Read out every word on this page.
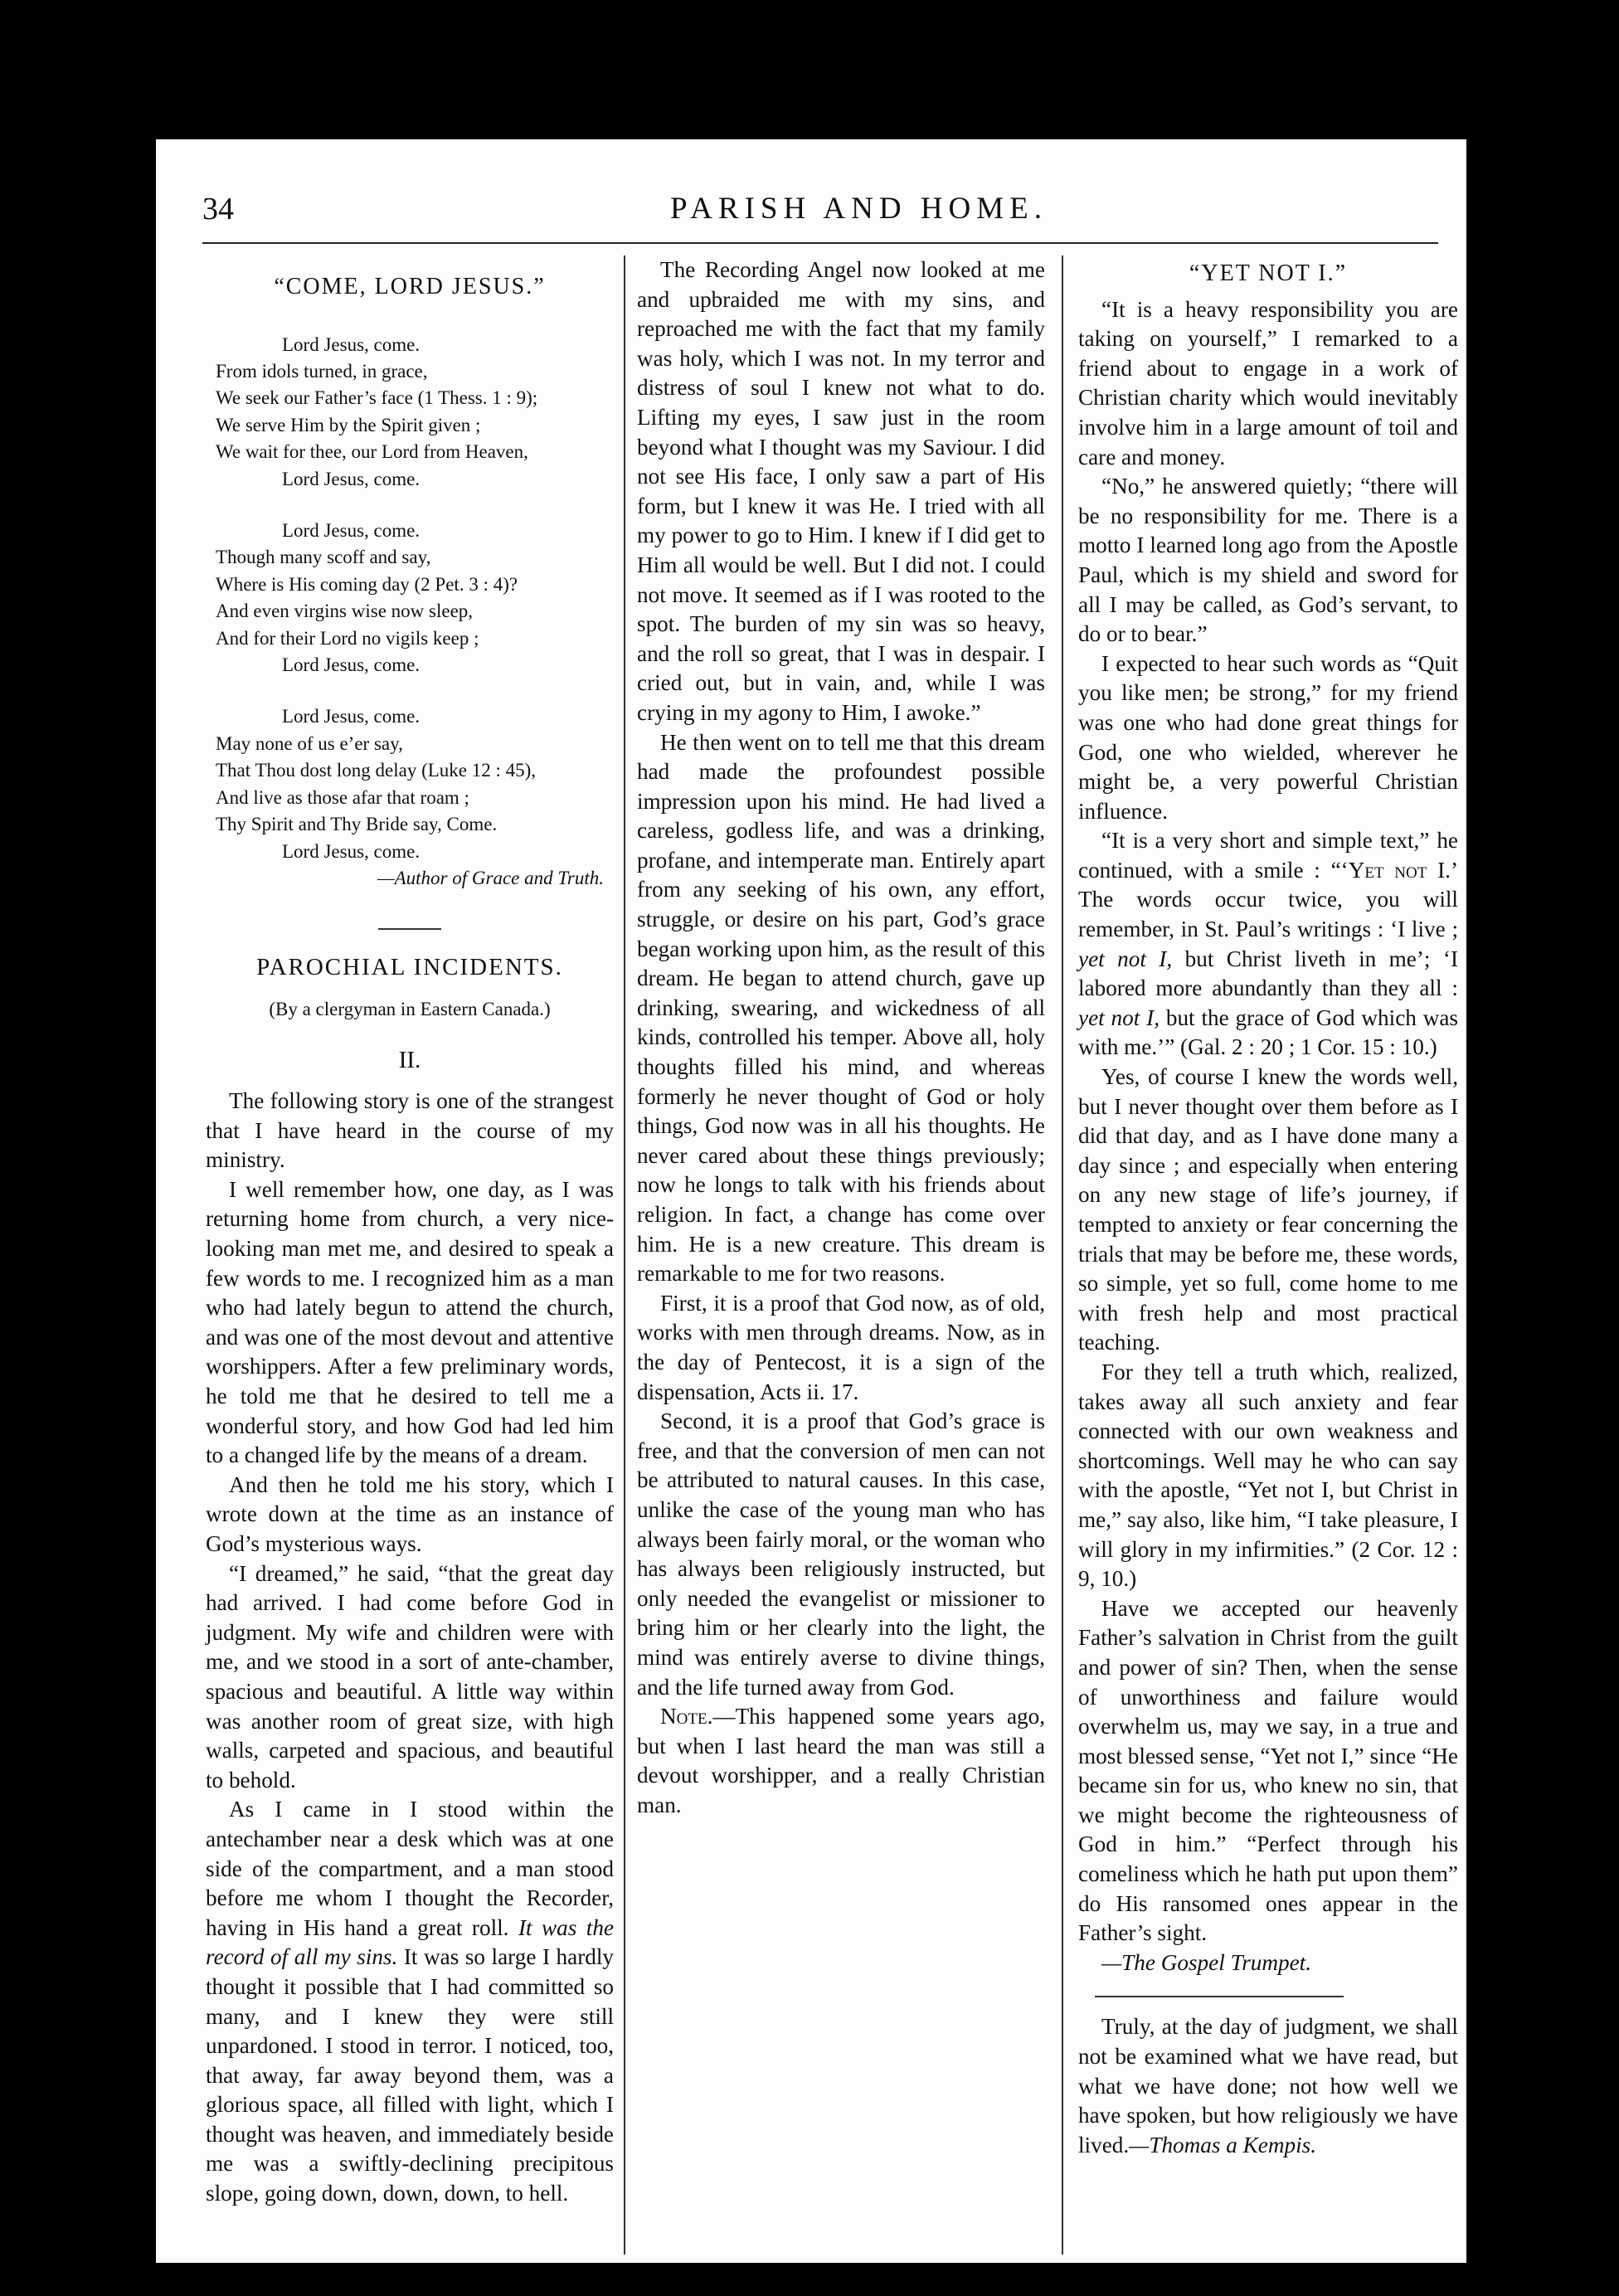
34	PARISH AND HOME.

“COME, LORD JESUS.”

Lord Jesus, come.
From idols turned, in grace,
We seek our Father’s face (1 Thess. 1 : 9);
We serve Him by the Spirit given ;
We wait for thee, our Lord from Heaven,
Lord Jesus, come.
Lord Jesus, come.
Though many scoff and say,
Where is His coming day (2 Pet. 3 : 4)?
And even virgins wise now sleep,
And for their Lord no vigils keep ;
Lord Jesus, come.
Lord Jesus, come.
May none of us e’er say,
That Thou dost long delay (Luke 12 : 45),
And live as those afar that roam ;
Thy Spirit and Thy Bride say, Come.
Lord Jesus, come.
—Author of Grace and Truth.

PAROCHIAL INCIDENTS.

(By a clergyman in Eastern Canada.)

II.

The following story is one of the strangest that I have heard in the course of my ministry.

I well remember how, one day, as I was returning home from church, a very nice-looking man met me, and desired to speak a few words to me. I recognized him as a man who had lately begun to attend the church, and was one of the most devout and attentive worshippers. After a few preliminary words, he told me that he desired to tell me a wonderful story, and how God had led him to a changed life by the means of a dream.

And then he told me his story, which I wrote down at the time as an instance of God’s mysterious ways.

“I dreamed,” he said, “that the great day had arrived. I had come before God in judgment. My wife and children were with me, and we stood in a sort of ante-chamber, spacious and beautiful. A little way within was another room of great size, with high walls, carpeted and spacious, and beautiful to behold.

As I came in I stood within the antechamber near a desk which was at one side of the compartment, and a man stood before me whom I thought the Recorder, having in His hand a great roll. It was the record of all my sins. It was so large I hardly thought it possible that I had committed so many, and I knew they were still unpardoned. I stood in terror. I noticed, too, that away, far away beyond them, was a glorious space, all filled with light, which I thought was heaven, and immediately beside me was a swiftly-declining precipitous slope, going down, down, down, to hell.

The Recording Angel now looked at me and upbraided me with my sins, and reproached me with the fact that my family was holy, which I was not. In my terror and distress of soul I knew not what to do. Lifting my eyes, I saw just in the room beyond what I thought was my Saviour. I did not see His face, I only saw a part of His form, but I knew it was He. I tried with all my power to go to Him. I knew if I did get to Him all would be well. But I did not. I could not move. It seemed as if I was rooted to the spot. The burden of my sin was so heavy, and the roll so great, that I was in despair. I cried out, but in vain, and, while I was crying in my agony to Him, I awoke.”

He then went on to tell me that this dream had made the profoundest possible impression upon his mind. He had lived a careless, godless life, and was a drinking, profane, and intemperate man. Entirely apart from any seeking of his own, any effort, struggle, or desire on his part, God’s grace began working upon him, as the result of this dream. He began to attend church, gave up drinking, swearing, and wickedness of all kinds, controlled his temper. Above all, holy thoughts filled his mind, and whereas formerly he never thought of God or holy things, God now was in all his thoughts. He never cared about these things previously; now he longs to talk with his friends about religion. In fact, a change has come over him. He is a new creature. This dream is remarkable to me for two reasons.

First, it is a proof that God now, as of old, works with men through dreams. Now, as in the day of Pentecost, it is a sign of the dispensation, Acts ii. 17.

Second, it is a proof that God’s grace is free, and that the conversion of men can not be attributed to natural causes. In this case, unlike the case of the young man who has always been fairly moral, or the woman who has always been religiously instructed, but only needed the evangelist or missioner to bring him or her clearly into the light, the mind was entirely averse to divine things, and the life turned away from God.

Note.—This happened some years ago, but when I last heard the man was still a devout worshipper, and a really Christian man.

“YET NOT I.”

“It is a heavy responsibility you are taking on yourself,” I remarked to a friend about to engage in a work of Christian charity which would inevitably involve him in a large amount of toil and care and money.

“No,” he answered quietly; “there will be no responsibility for me. There is a motto I learned long ago from the Apostle Paul, which is my shield and sword for all I may be called, as God’s servant, to do or to bear.”

I expected to hear such words as “Quit you like men; be strong,” for my friend was one who had done great things for God, one who wielded, wherever he might be, a very powerful Christian influence.

“It is a very short and simple text,” he continued, with a smile : “‘Yet not I.’ The words occur twice, you will remember, in St. Paul’s writings : ‘I live ; yet not I, but Christ liveth in me’; ‘I labored more abundantly than they all : yet not I, but the grace of God which was with me.’” (Gal. 2 : 20 ; 1 Cor. 15 : 10.)

Yes, of course I knew the words well, but I never thought over them before as I did that day, and as I have done many a day since ; and especially when entering on any new stage of life’s journey, if tempted to anxiety or fear concerning the trials that may be before me, these words, so simple, yet so full, come home to me with fresh help and most practical teaching.

For they tell a truth which, realized, takes away all such anxiety and fear connected with our own weakness and shortcomings. Well may he who can say with the apostle, “Yet not I, but Christ in me,” say also, like him, “I take pleasure, I will glory in my infirmities.” (2 Cor. 12 : 9, 10.)

Have we accepted our heavenly Father’s salvation in Christ from the guilt and power of sin? Then, when the sense of unworthiness and failure would overwhelm us, may we say, in a true and most blessed sense, “Yet not I,” since “He became sin for us, who knew no sin, that we might become the righteousness of God in him.” “Perfect through his comeliness which he hath put upon them” do His ransomed ones appear in the Father’s sight.

—The Gospel Trumpet.

Truly, at the day of judgment, we shall not be examined what we have read, but what we have done; not how well we have spoken, but how religiously we have lived.—Thomas a Kempis.
